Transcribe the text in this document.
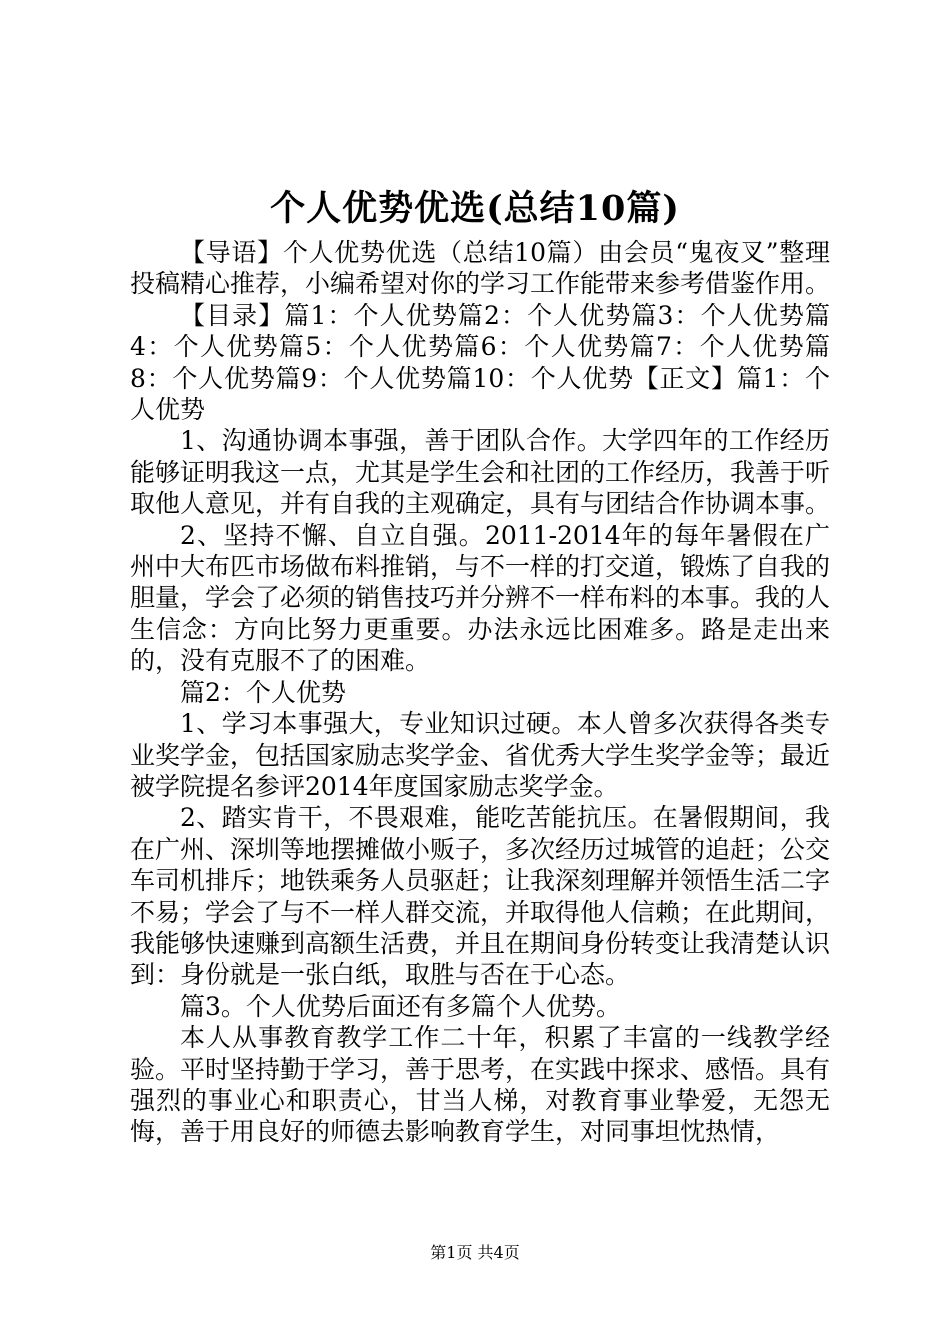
个人优势优选(总结10篇)

【导语】个人优势优选（总结10篇）由会员“鬼夜叉”整理投稿精心推荐，小编希望对你的学习工作能带来参考借鉴作用。

【目录】篇1：个人优势篇2：个人优势篇3：个人优势篇4：个人优势篇5：个人优势篇6：个人优势篇7：个人优势篇8：个人优势篇9：个人优势篇10：个人优势【正文】篇1：个人优势

1、沟通协调本事强，善于团队合作。大学四年的工作经历能够证明我这一点，尤其是学生会和社团的工作经历，我善于听取他人意见，并有自我的主观确定，具有与团结合作协调本事。

2、坚持不懈、自立自强。2011-2014年的每年暑假在广州中大布匹市场做布料推销，与不一样的打交道，锻炼了自我的胆量，学会了必须的销售技巧并分辨不一样布料的本事。我的人生信念：方向比努力更重要。办法永远比困难多。路是走出来的，没有克服不了的困难。

篇2：个人优势

1、学习本事强大，专业知识过硬。本人曾多次获得各类专业奖学金，包括国家励志奖学金、省优秀大学生奖学金等；最近被学院提名参评2014年度国家励志奖学金。

2、踏实肯干，不畏艰难，能吃苦能抗压。在暑假期间，我在广州、深圳等地摆摊做小贩子，多次经历过城管的追赶；公交车司机排斥；地铁乘务人员驱赶；让我深刻理解并领悟生活二字不易；学会了与不一样人群交流，并取得他人信赖；在此期间，我能够快速赚到高额生活费，并且在期间身份转变让我清楚认识到：身份就是一张白纸，取胜与否在于心态。

篇3。个人优势后面还有多篇个人优势。

本人从事教育教学工作二十年，积累了丰富的一线教学经验。平时坚持勤于学习，善于思考，在实践中探求、感悟。具有强烈的事业心和职责心，甘当人梯，对教育事业挚爱，无怨无悔，善于用良好的师德去影响教育学生，对同事坦忱热情，

第1页 共4页
